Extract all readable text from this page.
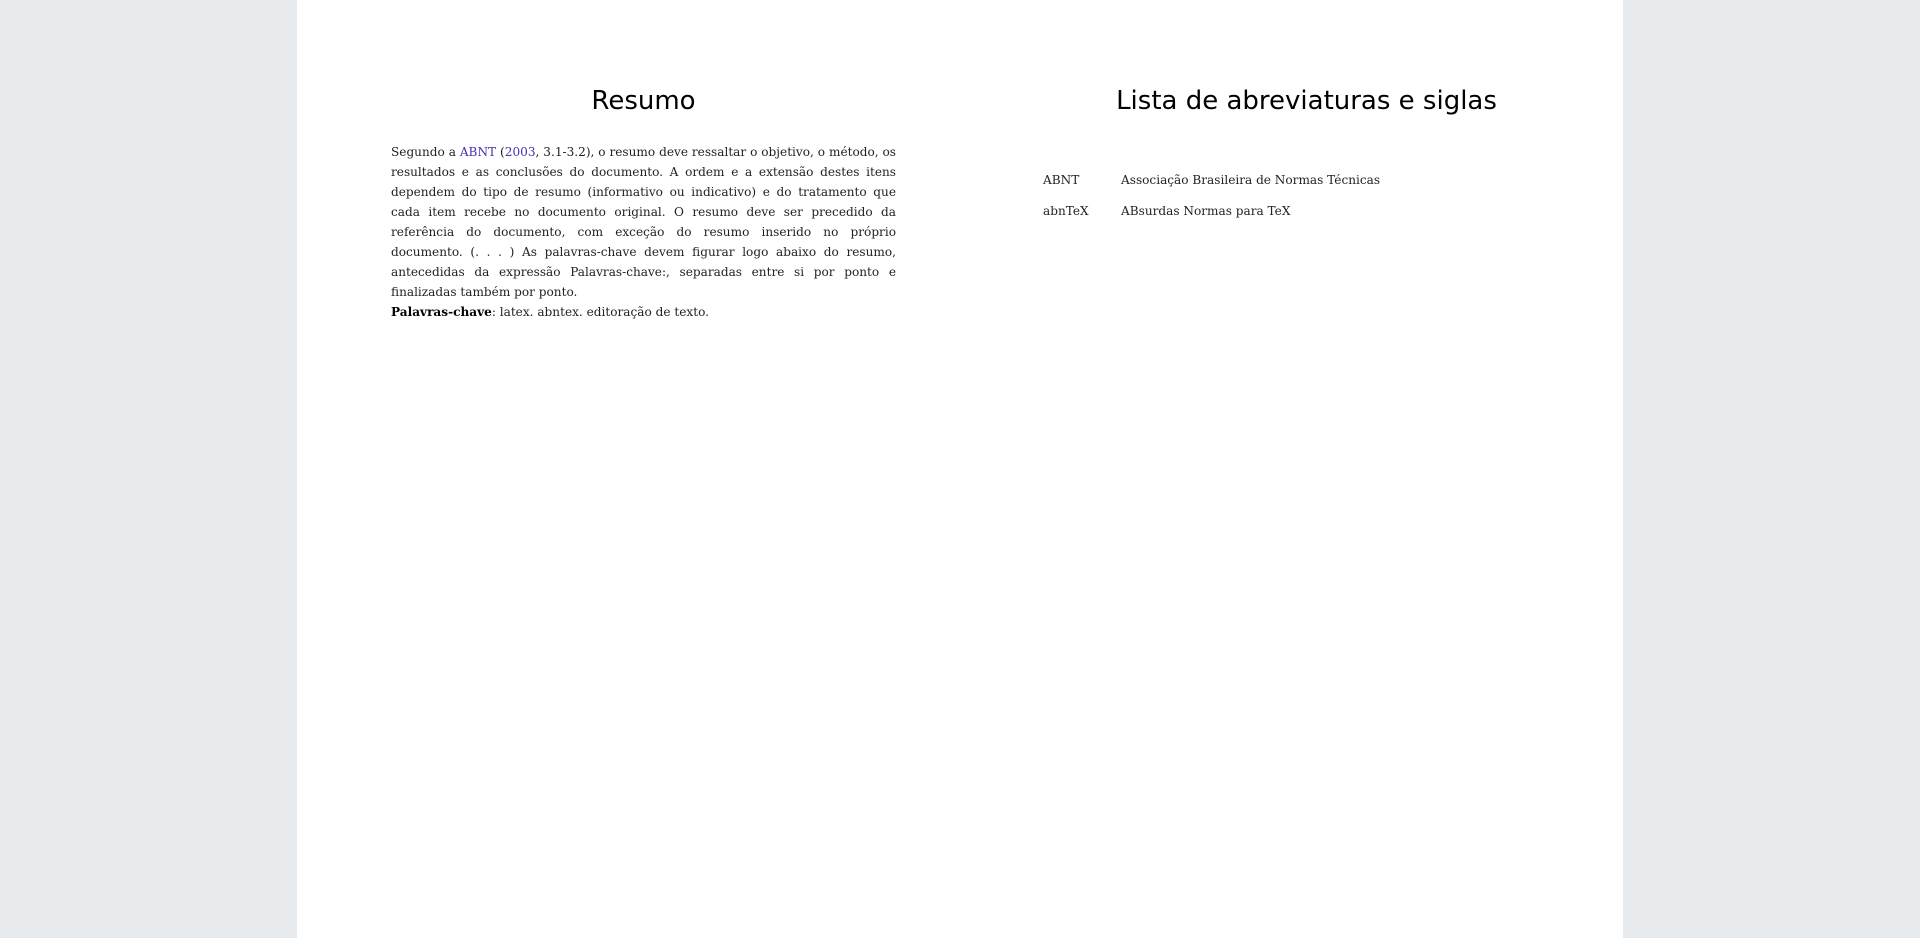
Resumo

Segundo a ABNT (2003, 3.1-3.2), o resumo deve ressaltar o objetivo, o método, os resultados e as conclusões do documento. A ordem e a extensão destes itens dependem do tipo de resumo (informativo ou indicativo) e do tratamento que cada item recebe no documento original. O resumo deve ser precedido da referência do documento, com exceção do resumo inserido no próprio documento. (. . . ) As palavras-chave devem figurar logo abaixo do resumo, antecedidas da expressão Palavras-chave:, separadas entre si por ponto e finalizadas também por ponto.

Palavras-chave: latex. abntex. editoração de texto.

Lista de abreviaturas e siglas
ABNT	Associação Brasileira de Normas Técnicas
abnTeX	ABsurdas Normas para TeX
